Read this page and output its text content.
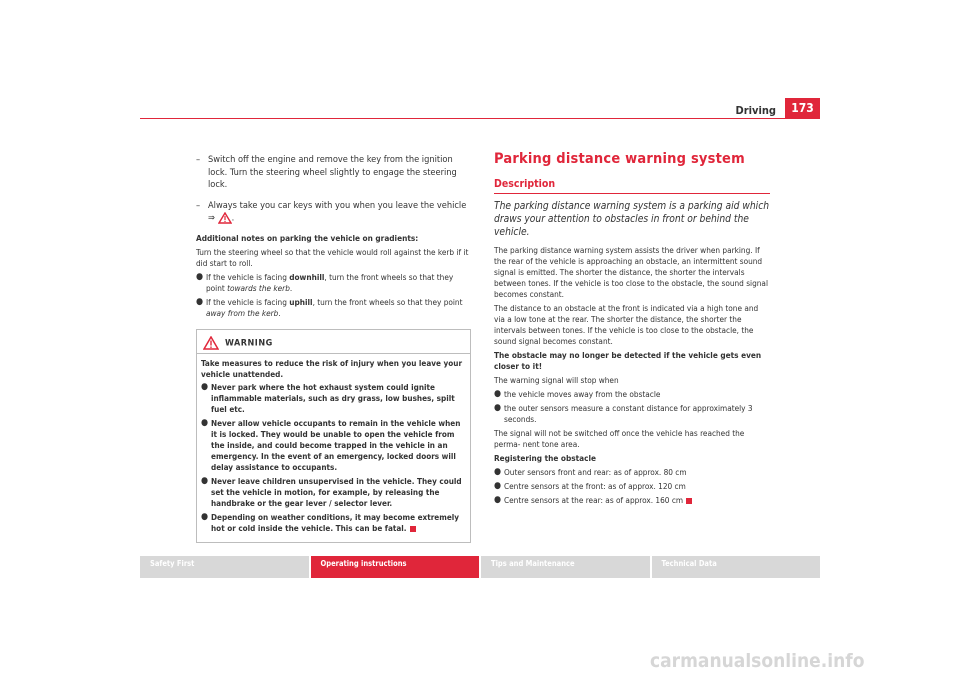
Driving	173
– Switch off the engine and remove the key from the ignition lock. Turn the steering wheel slightly to engage the steering lock.
– Always take you car keys with you when you leave the vehicle
⇒ .
Additional notes on parking the vehicle on gradients:
Turn the steering wheel so that the vehicle would roll against the kerb if it did start to roll.
● If the vehicle is facing downhill, turn the front wheels so that they point towards the kerb.
● If the vehicle is facing uphill, turn the front wheels so that they point away from the kerb.
WARNING
Take measures to reduce the risk of injury when you leave your vehicle unattended.
● Never park where the hot exhaust system could ignite inflammable materials, such as dry grass, low bushes, spilt fuel etc.
● Never allow vehicle occupants to remain in the vehicle when it is locked. They would be unable to open the vehicle from the inside, and could become trapped in the vehicle in an emergency. In the event of an emergency, locked doors will delay assistance to occupants.
● Never leave children unsupervised in the vehicle. They could set the vehicle in motion, for example, by releasing the handbrake or the gear lever / selector lever.
● Depending on weather conditions, it may become extremely hot or cold inside the vehicle. This can be fatal.
Parking distance warning system
Description
The parking distance warning system is a parking aid which draws your attention to obstacles in front or behind the vehicle.
The parking distance warning system assists the driver when parking. If the rear of the vehicle is approaching an obstacle, an intermittent sound signal is emitted. The shorter the distance, the shorter the intervals between tones. If the vehicle is too close to the obstacle, the sound signal becomes constant.
The distance to an obstacle at the front is indicated via a high tone and via a low tone at the rear. The shorter the distance, the shorter the intervals between tones. If the vehicle is too close to the obstacle, the sound signal becomes constant.
The obstacle may no longer be detected if the vehicle gets even closer to it!
The warning signal will stop when
● the vehicle moves away from the obstacle
● the outer sensors measure a constant distance for approximately 3 seconds.
The signal will not be switched off once the vehicle has reached the perma- nent tone area.
Registering the obstacle
● Outer sensors front and rear: as of approx. 80 cm
● Centre sensors at the front: as of approx. 120 cm
● Centre sensors at the rear: as of approx. 160 cm
Safety First	Operating instructions	Tips and Maintenance	Technical Data
carmanualsonline.info
